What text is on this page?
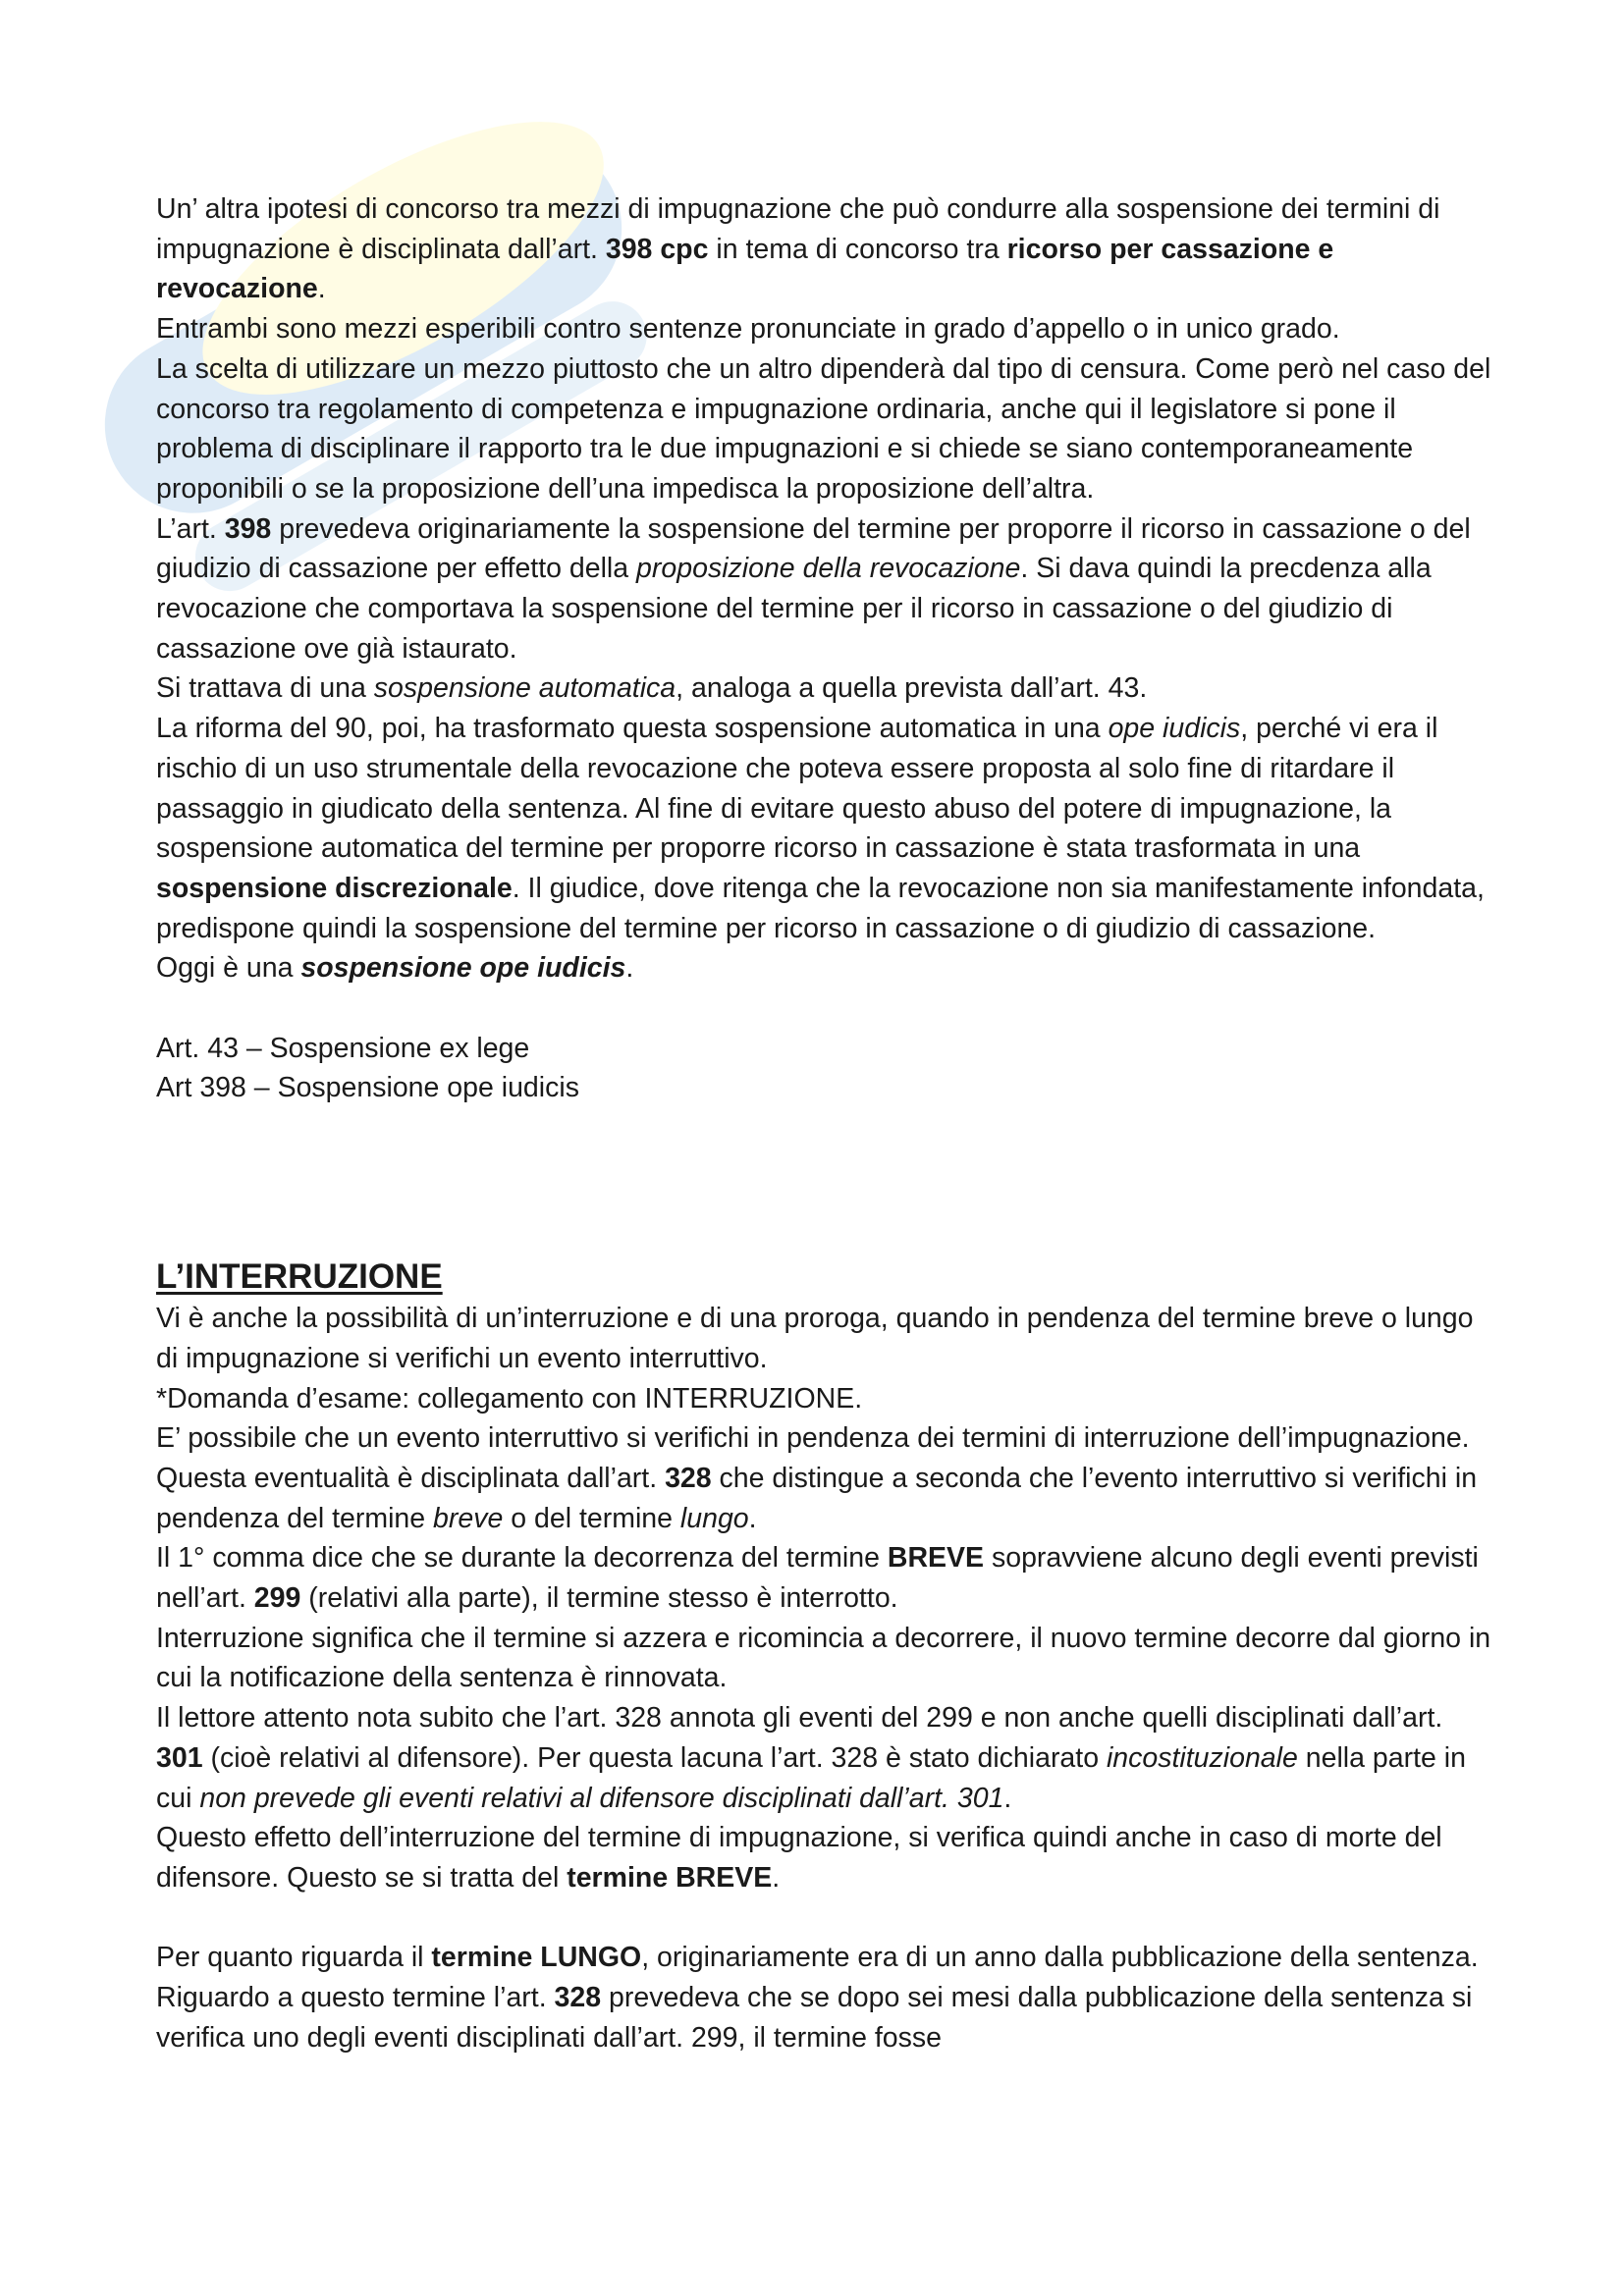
Un’ altra ipotesi di concorso tra mezzi di impugnazione che può condurre alla sospensione dei termini di impugnazione è disciplinata dall’art. 398 cpc in tema di concorso tra ricorso per cassazione e revocazione.

Entrambi sono mezzi esperibili contro sentenze pronunciate in grado d’appello o in unico grado.

La scelta di utilizzare un mezzo piuttosto che un altro dipenderà dal tipo di censura. Come però nel caso del concorso tra regolamento di competenza e impugnazione ordinaria, anche qui il legislatore si pone il problema di disciplinare il rapporto tra le due impugnazioni e si chiede se siano contemporaneamente proponibili o se la proposizione dell’una impedisca la proposizione dell’altra.

L’art. 398 prevedeva originariamente la sospensione del termine per proporre il ricorso in cassazione o del giudizio di cassazione per effetto della proposizione della revocazione. Si dava quindi la precdenza alla revocazione che comportava la sospensione del termine per il ricorso in cassazione o del giudizio di cassazione ove già istaurato.

Si trattava di una sospensione automatica, analoga a quella prevista dall’art. 43.

La riforma del 90, poi, ha trasformato questa sospensione automatica in una ope iudicis, perché vi era il rischio di un uso strumentale della revocazione che poteva essere proposta al solo fine di ritardare il passaggio in giudicato della sentenza. Al fine di evitare questo abuso del potere di impugnazione, la sospensione automatica del termine per proporre ricorso in cassazione è stata trasformata in una sospensione discrezionale. Il giudice, dove ritenga che la revocazione non sia manifestamente infondata, predispone quindi la sospensione del termine per ricorso in cassazione o di giudizio di cassazione.

Oggi è una sospensione ope iudicis.

Art. 43 – Sospensione ex lege

Art 398 – Sospensione ope iudicis

L’INTERRUZIONE

Vi è anche la possibilità di un’interruzione e di una proroga, quando in pendenza del termine breve o lungo di impugnazione si verifichi un evento interruttivo.

*Domanda d’esame: collegamento con INTERRUZIONE.

E’ possibile che un evento interruttivo si verifichi in pendenza dei termini di interruzione dell’impugnazione. Questa eventualità è disciplinata dall’art. 328 che distingue a seconda che l’evento interruttivo si verifichi in pendenza del termine breve o del termine lungo.

Il 1° comma dice che se durante la decorrenza del termine BREVE sopravviene alcuno degli eventi previsti nell’art. 299 (relativi alla parte), il termine stesso è interrotto.

Interruzione significa che il termine si azzera e ricomincia a decorrere, il nuovo termine decorre dal giorno in cui la notificazione della sentenza è rinnovata.

Il lettore attento nota subito che l’art. 328 annota gli eventi del 299 e non anche quelli disciplinati dall’art. 301 (cioè relativi al difensore). Per questa lacuna l’art. 328 è stato dichiarato incostituzionale nella parte in cui non prevede gli eventi relativi al difensore disciplinati dall’art. 301.

Questo effetto dell’interruzione del termine di impugnazione, si verifica quindi anche in caso di morte del difensore. Questo se si tratta del termine BREVE.

Per quanto riguarda il termine LUNGO, originariamente era di un anno dalla pubblicazione della sentenza. Riguardo a questo termine l’art. 328 prevedeva che se dopo sei mesi dalla pubblicazione della sentenza si verifica uno degli eventi disciplinati dall’art. 299, il termine fosse
